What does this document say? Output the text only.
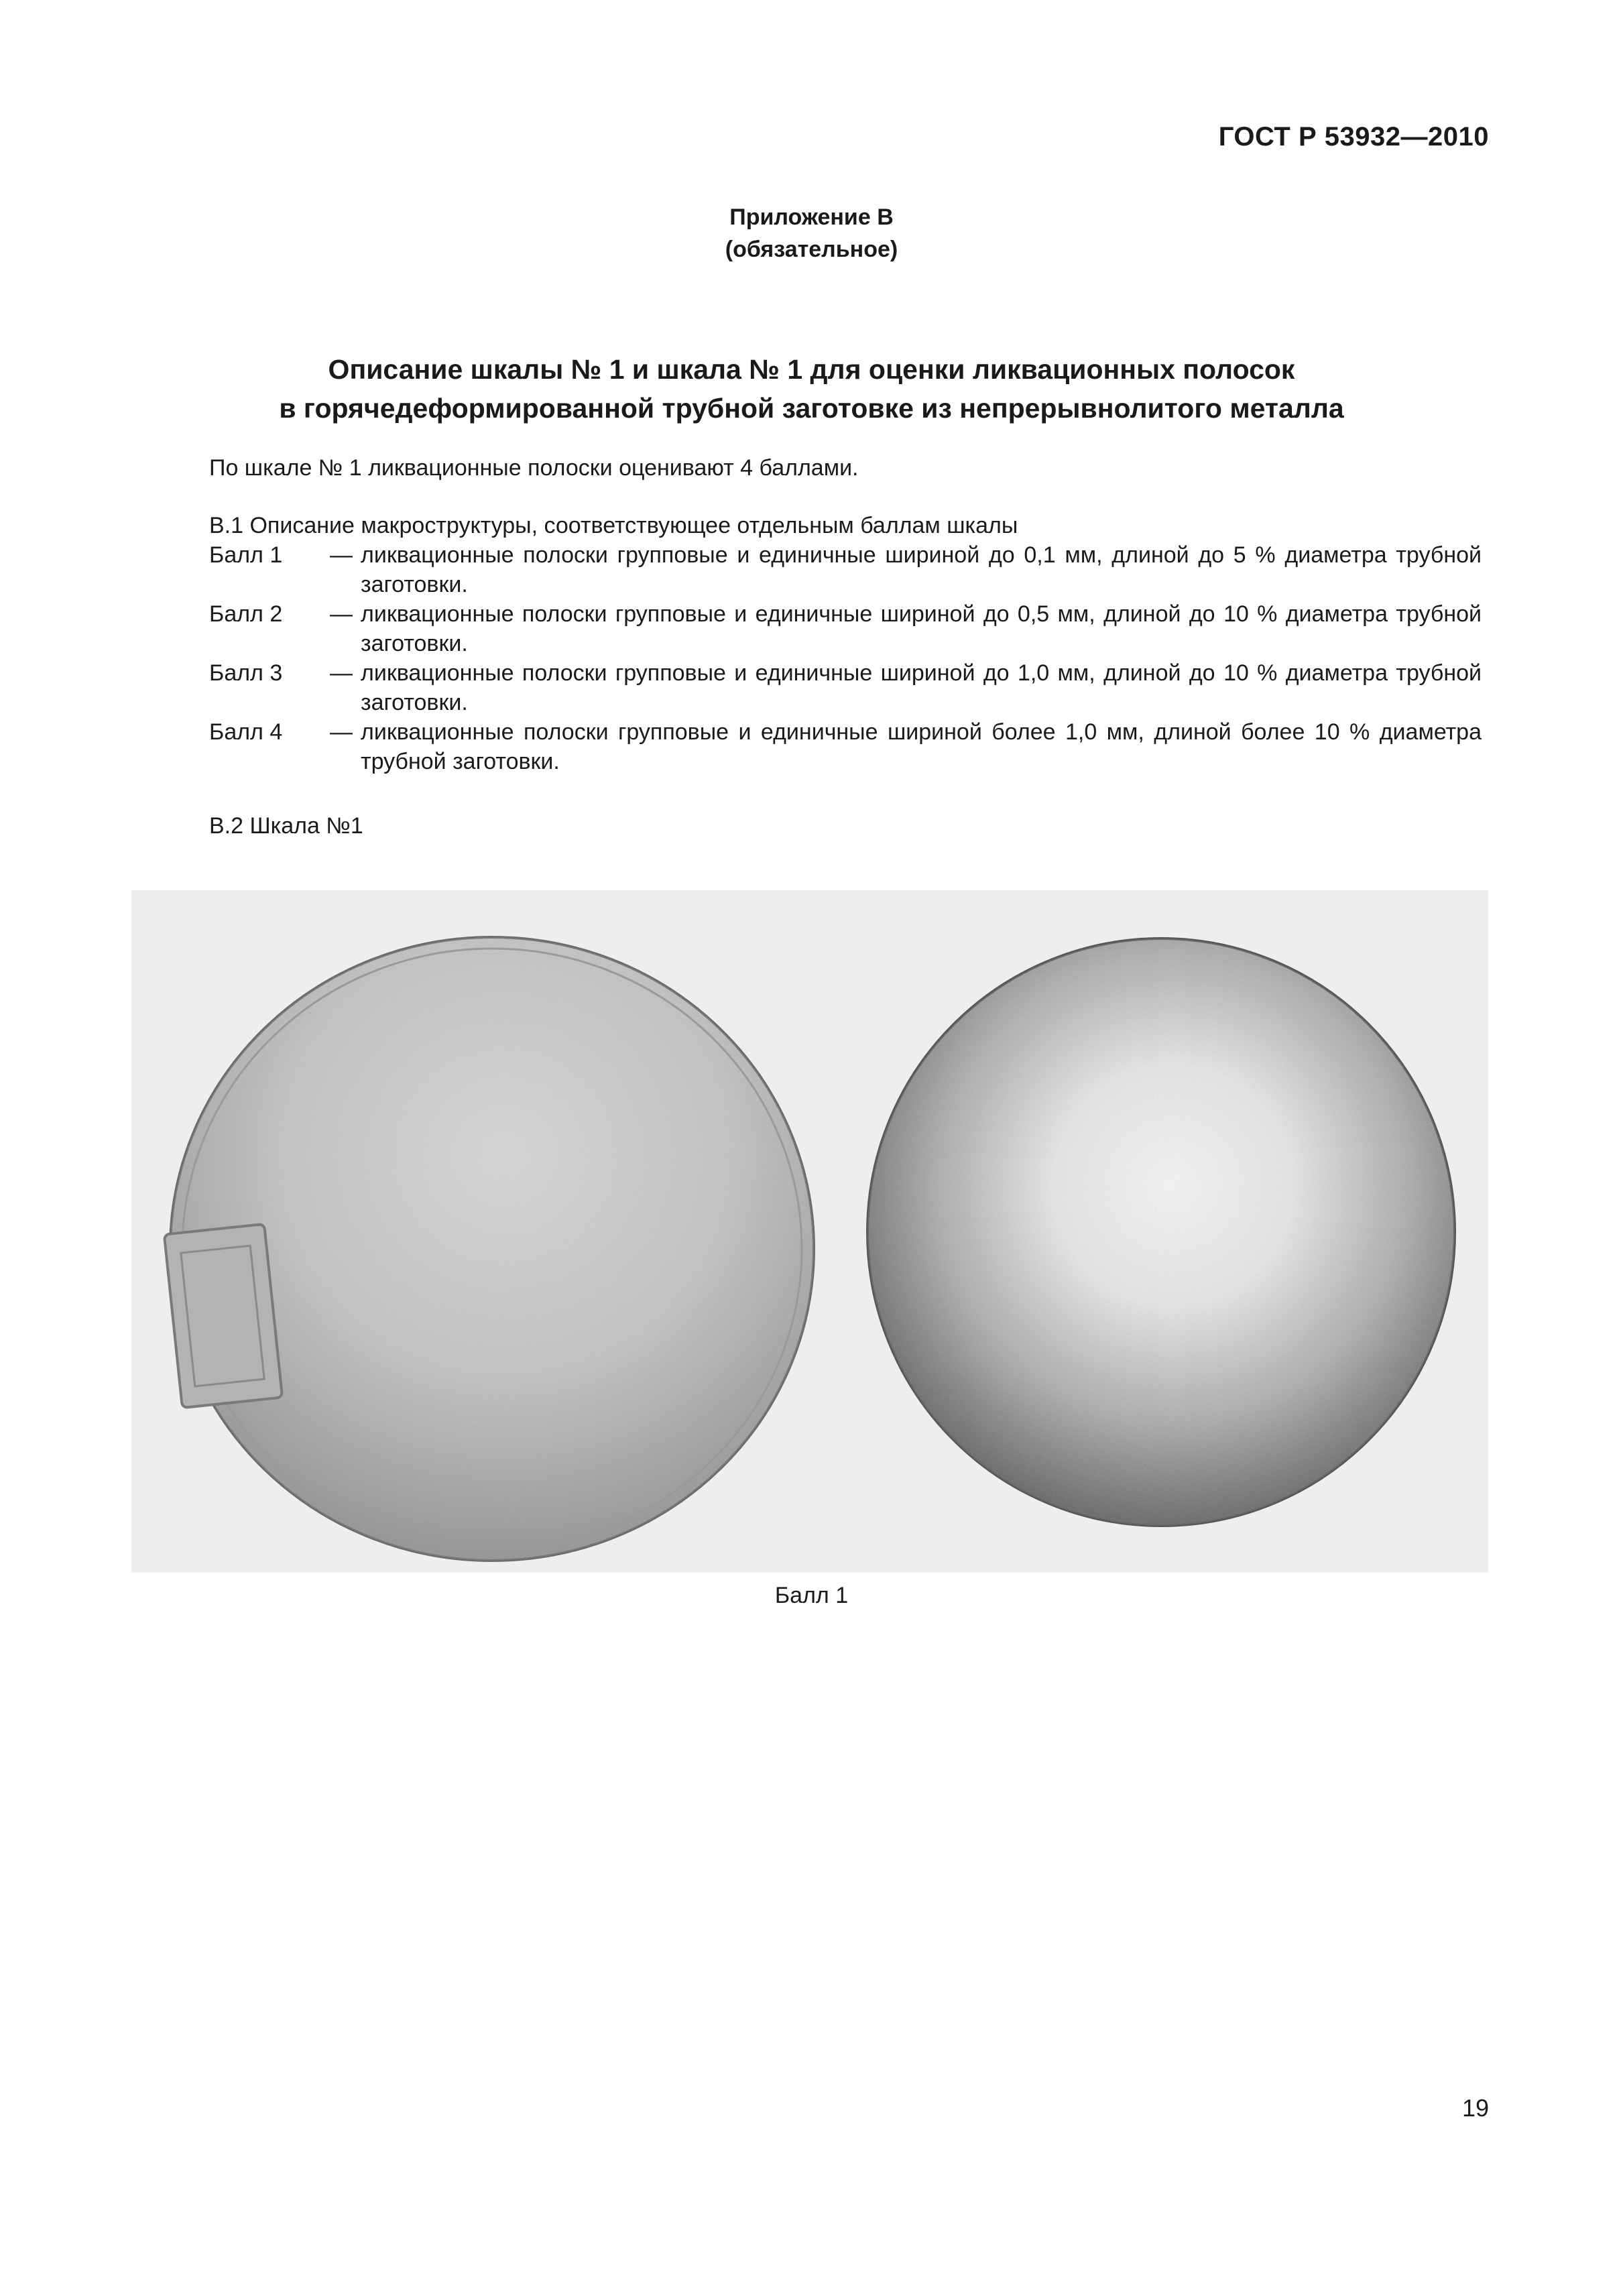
ГОСТ Р 53932—2010
Приложение В
(обязательное)
Описание шкалы № 1 и шкала № 1 для оценки ликвационных полосок
в горячедеформированной трубной заготовке из непрерывнолитого металла
По шкале № 1 ликвационные полоски оценивают 4 баллами.
В.1 Описание макроструктуры, соответствующее отдельным баллам шкалы
Балл 1	— ликвационные полоски групповые и единичные шириной до 0,1 мм, длиной до 5 % диаметра трубной заготовки.
Балл 2	— ликвационные полоски групповые и единичные шириной до 0,5 мм, длиной до 10 % диаметра трубной заготовки.
Балл 3	— ликвационные полоски групповые и единичные шириной до 1,0 мм, длиной до 10 % диаметра трубной заготовки.
Балл 4	— ликвационные полоски групповые и единичные шириной более 1,0 мм, длиной более 10 % диаметра трубной заготовки.
В.2 Шкала №1
Балл 1
19
